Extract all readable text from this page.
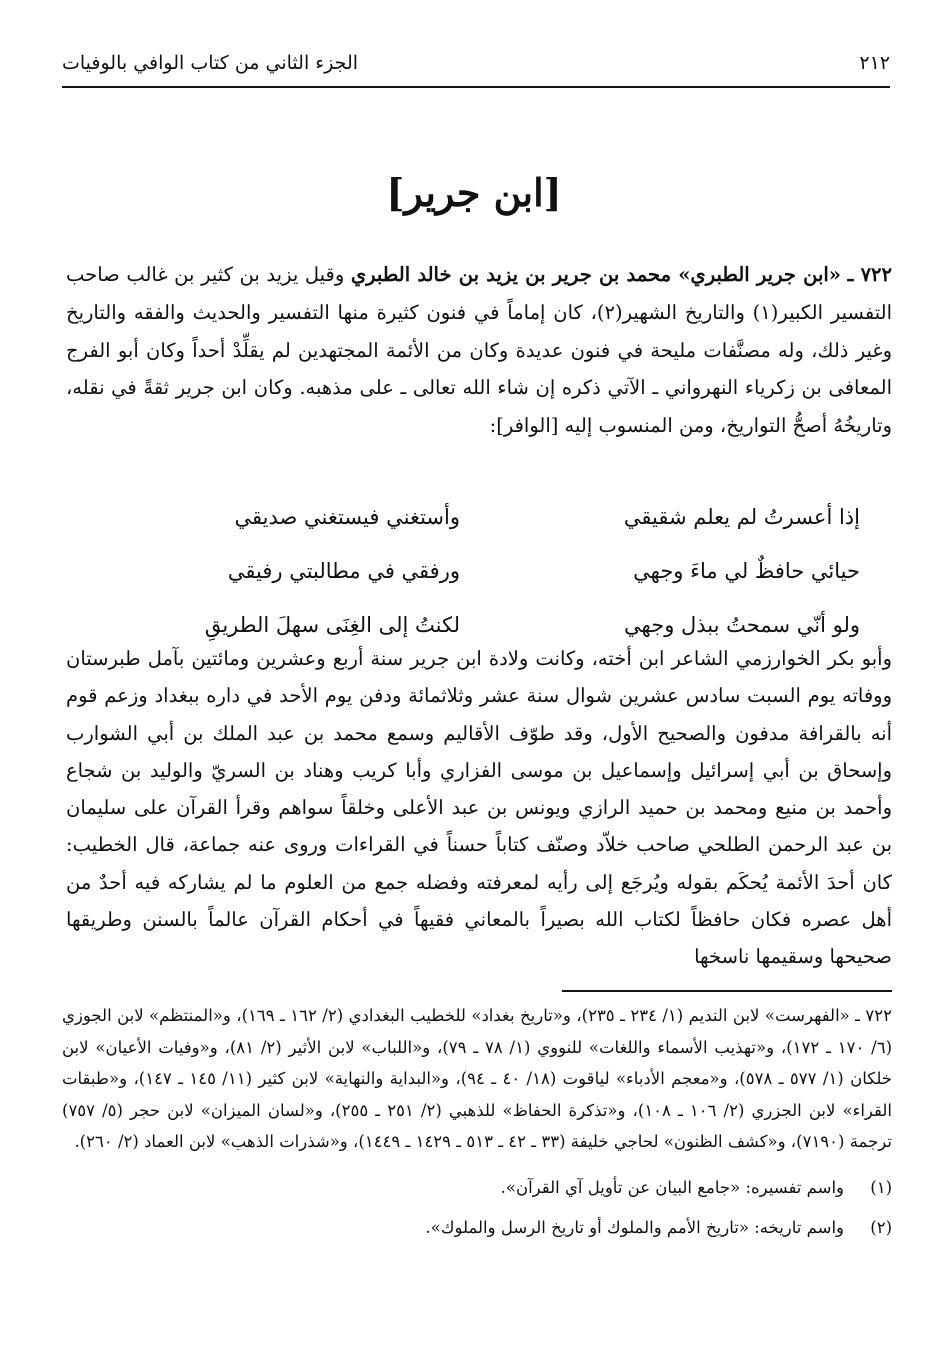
٢١٢
الجزء الثاني من كتاب الوافي بالوفيات
[ابن جرير]

٧٢٢ ـ «ابن جرير الطبري» محمد بن جرير بن يزيد بن خالد الطبري وقيل يزيد بن كثير بن غالب صاحب التفسير الكبير(١) والتاريخ الشهير(٢)، كان إماماً في فنون كثيرة منها التفسير والحديث والفقه والتاريخ وغير ذلك، وله مصنَّفات مليحة في فنون عديدة وكان من الأئمة المجتهدين لم يقلِّدْ أحداً وكان أبو الفرج المعافى بن زكرياء النهرواني ـ الآتي ذكره إن شاء الله تعالى ـ على مذهبه. وكان ابن جرير ثقةً في نقله، وتاريخُهُ أصحُّ التواريخ، ومن المنسوب إليه [الوافر]:

إذا أعسرتُ لم يعلم شقيقي
وأستغني فيستغني صديقي
حيائي حافظٌ لي ماءَ وجهي
ورفقي في مطالبتي رفيقي
ولو أنّي سمحتُ ببذل وجهي
لكنتُ إلى الغِنَى سهلَ الطريقِ

وأبو بكر الخوارزمي الشاعر ابن أخته، وكانت ولادة ابن جرير سنة أربع وعشرين ومائتين بآمل طبرستان ووفاته يوم السبت سادس عشرين شوال سنة عشر وثلاثمائة ودفن يوم الأحد في داره ببغداد وزعم قوم أنه بالقرافة مدفون والصحيح الأول، وقد طوّف الأقاليم وسمع محمد بن عبد الملك بن أبي الشوارب وإسحاق بن أبي إسرائيل وإسماعيل بن موسى الفزاري وأبا كريب وهناد بن السريّ والوليد بن شجاع وأحمد بن منيع ومحمد بن حميد الرازي ويونس بن عبد الأعلى وخلقاً سواهم وقرأ القرآن على سليمان بن عبد الرحمن الطلحي صاحب خلاّد وصنّف كتاباً حسناً في القراءات وروى عنه جماعة، قال الخطيب: كان أحدَ الأئمة يُحكَم بقوله ويُرجَع إلى رأيه لمعرفته وفضله جمع من العلوم ما لم يشاركه فيه أحدٌ من أهل عصره فكان حافظاً لكتاب الله بصيراً بالمعاني فقيهاً في أحكام القرآن عالماً بالسنن وطريقها صحيحها وسقيمها ناسخها

٧٢٢ ـ «الفهرست» لابن النديم (١/ ٢٣٤ ـ ٢٣٥)، و«تاريخ بغداد» للخطيب البغدادي (٢/ ١٦٢ ـ ١٦٩)، و«المنتظم» لابن الجوزي (٦/ ١٧٠ ـ ١٧٢)، و«تهذيب الأسماء واللغات» للنووي (١/ ٧٨ ـ ٧٩)، و«اللباب» لابن الأثير (٢/ ٨١)، و«وفيات الأعيان» لابن خلكان (١/ ٥٧٧ ـ ٥٧٨)، و«معجم الأدباء» لياقوت (١٨/ ٤٠ ـ ٩٤)، و«البداية والنهاية» لابن كثير (١١/ ١٤٥ ـ ١٤٧)، و«طبقات القراء» لابن الجزري (٢/ ١٠٦ ـ ١٠٨)، و«تذكرة الحفاظ» للذهبي (٢/ ٢٥١ ـ ٢٥٥)، و«لسان الميزان» لابن حجر (٥/ ٧٥٧) ترجمة (٧١٩٠)، و«كشف الظنون» لحاجي خليفة (٣٣ ـ ٤٢ ـ ٥١٣ ـ ١٤٢٩ ـ ١٤٤٩)، و«شذرات الذهب» لابن العماد (٢/ ٢٦٠).

(١)
واسم تفسيره: «جامع البيان عن تأويل آي القرآن».
(٢)
واسم تاريخه: «تاريخ الأمم والملوك أو تاريخ الرسل والملوك».
